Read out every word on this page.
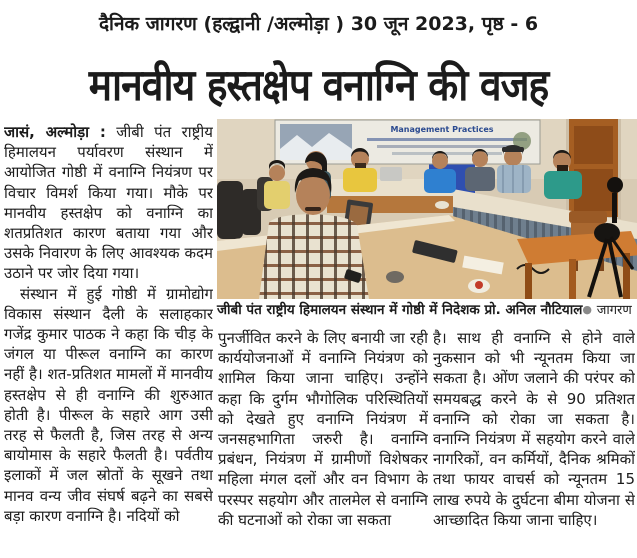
दैनिक जागरण (हल्द्वानी /अल्मोड़ा ) 30 जून 2023, पृष्ठ - 6
मानवीय हस्तक्षेप वनाग्नि की वजह

जासं, अल्मोड़ा : जीबी पंत राष्ट्रीय हिमालयन पर्यावरण संस्थान में आयोजित गोष्ठी में वनाग्नि नियंत्रण पर विचार विमर्श किया गया। मौके पर मानवीय हस्तक्षेप को वनाग्नि का शतप्रतिशत कारण बताया गया और उसके निवारण के लिए आवश्यक कदम उठाने पर जोर दिया गया।

संस्थान में हुई गोष्ठी में ग्रामोद्योग विकास संस्थान दैली के सलाहकार गजेंद्र कुमार पाठक ने कहा कि चीड़ के जंगल या पीरूल वनाग्नि का कारण नहीं है। शत-प्रतिशत मामलों में मानवीय हस्तक्षेप से ही वनाग्नि की शुरुआत होती है। पीरूल के सहारे आग उसी तरह से फैलती है, जिस तरह से अन्य बायोमास के सहारे फैलती है। पर्वतीय इलाकों में जल स्रोतों के सूखने तथा मानव वन्य जीव संघर्ष बढ़ने का सबसे बड़ा कारण वनाग्नि है। नदियों को

Management Practices
जीबी पंत राष्ट्रीय हिमालयन संस्थान में गोष्ठी में निदेशक प्रो. अनिल नौटियाल● जागरण

पुनर्जीवित करने के लिए बनायी जा रही कार्ययोजनाओं में वनाग्नि नियंत्रण को शामिल किया जाना चाहिए। उन्होंने कहा कि दुर्गम भौगोलिक परिस्थितियों को देखते हुए वनाग्नि नियंत्रण में जनसहभागिता जरुरी है। वनाग्नि प्रबंधन, नियंत्रण में ग्रामीणों विशेषकर महिला मंगल दलों और वन विभाग के परस्पर सहयोग और तालमेल से वनाग्नि की घटनाओं को रोका जा सकता

है। साथ ही वनाग्नि से होने वाले नुकसान को भी न्यूनतम किया जा सकता है। ओंण जलाने की परंपर को समयबद्ध करने के से 90 प्रतिशत वनाग्नि को रोका जा सकता है। वनाग्नि नियंत्रण में सहयोग करने वाले नागरिकों, वन कर्मियों, दैनिक श्रमिकों तथा फायर वाचर्स को न्यूनतम 15 लाख रुपये के दुर्घटना बीमा योजना से आच्छादित किया जाना चाहिए।
